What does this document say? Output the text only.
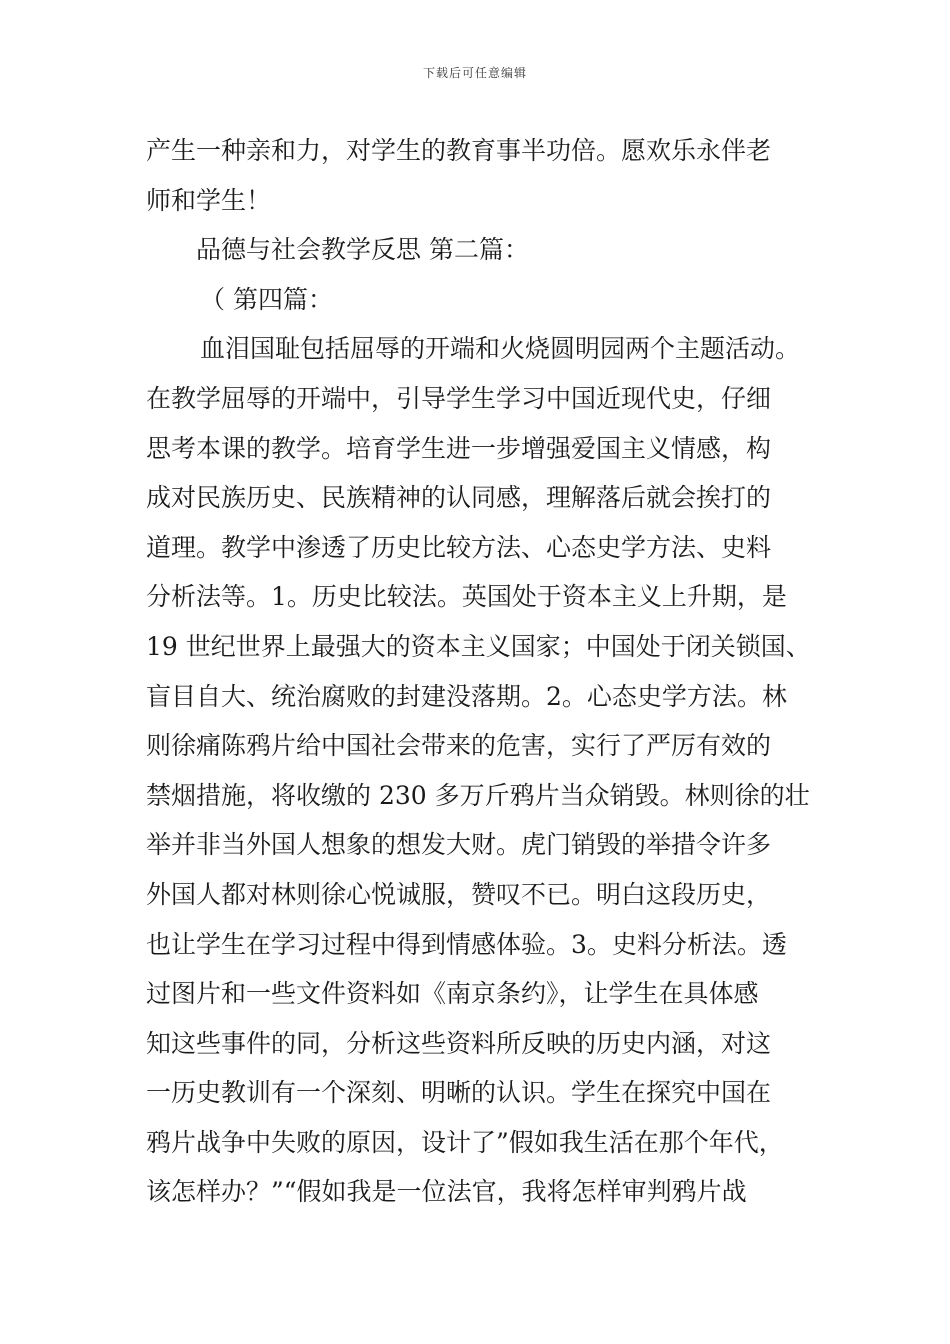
下载后可任意编辑
产生一种亲和力，对学生的教育事半功倍。愿欢乐永伴老
师和学生！
品德与社会教学反思 第二篇：
（ 第四篇：
血泪国耻包括屈辱的开端和火烧圆明园两个主题活动。
在教学屈辱的开端中，引导学生学习中国近现代史，仔细
思考本课的教学。培育学生进一步增强爱国主义情感，构
成对民族历史、民族精神的认同感，理解落后就会挨打的
道理。教学中渗透了历史比较方法、心态史学方法、史料
分析法等。1。历史比较法。英国处于资本主义上升期，是
19 世纪世界上最强大的资本主义国家；中国处于闭关锁国、
盲目自大、统治腐败的封建没落期。2。心态史学方法。林
则徐痛陈鸦片给中国社会带来的危害，实行了严厉有效的
禁烟措施，将收缴的 230 多万斤鸦片当众销毁。林则徐的壮
举并非当外国人想象的想发大财。虎门销毁的举措令许多
外国人都对林则徐心悦诚服，赞叹不已。明白这段历史，
也让学生在学习过程中得到情感体验。3。史料分析法。透
过图片和一些文件资料如《南京条约》，让学生在具体感
知这些事件的同，分析这些资料所反映的历史内涵，对这
一历史教训有一个深刻、明晰的认识。学生在探究中国在
鸦片战争中失败的原因，设计了”假如我生活在那个年代，
该怎样办？”“假如我是一位法官，我将怎样审判鸦片战
